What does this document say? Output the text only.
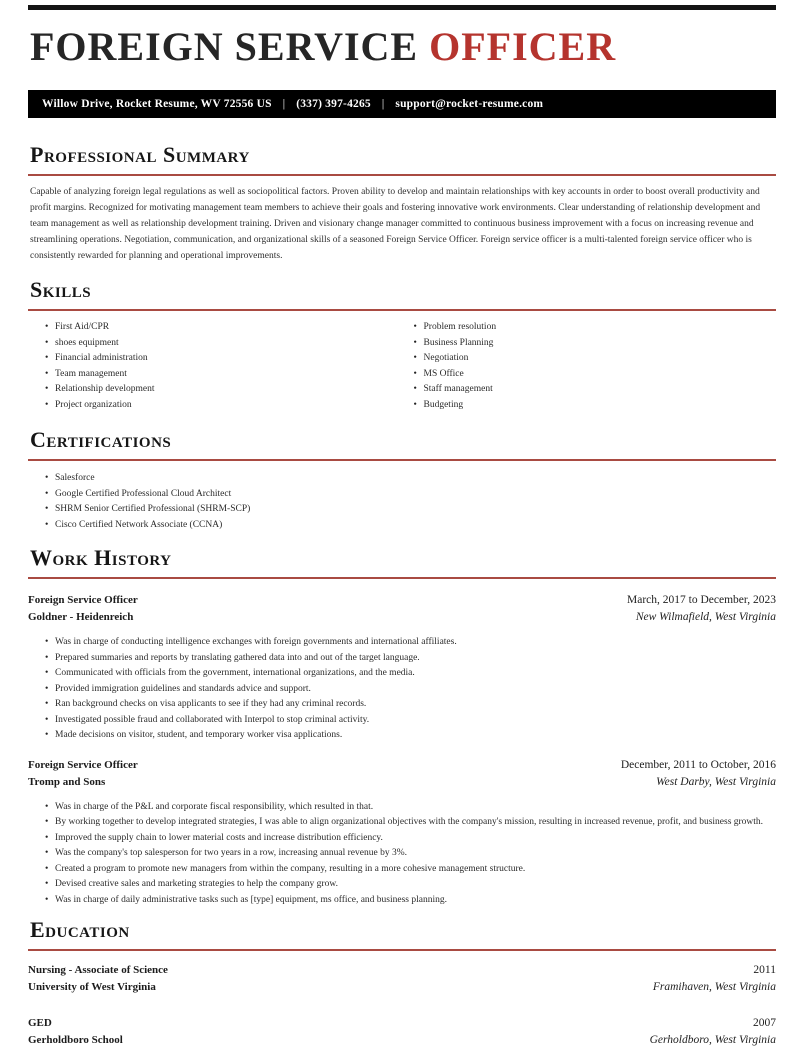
FOREIGN SERVICE OFFICER
Willow Drive, Rocket Resume, WV 72556 US | (337) 397-4265 | support@rocket-resume.com
Professional Summary

Capable of analyzing foreign legal regulations as well as sociopolitical factors. Proven ability to develop and maintain relationships with key accounts in order to boost overall productivity and profit margins. Recognized for motivating management team members to achieve their goals and fostering innovative work environments. Clear understanding of relationship development and team management as well as relationship development training. Driven and visionary change manager committed to continuous business improvement with a focus on increasing revenue and streamlining operations. Negotiation, communication, and organizational skills of a seasoned Foreign Service Officer. Foreign service officer is a multi-talented foreign service officer who is consistently rewarded for planning and operational improvements.

Skills
• First Aid/CPR
• shoes equipment
• Financial administration
• Team management
• Relationship development
• Project organization
• Problem resolution
• Business Planning
• Negotiation
• MS Office
• Staff management
• Budgeting
Certifications
• Salesforce
• Google Certified Professional Cloud Architect
• SHRM Senior Certified Professional (SHRM-SCP)
• Cisco Certified Network Associate (CCNA)
Work History
Foreign Service Officer	March, 2017 to December, 2023
Goldner - Heidenreich	New Wilmafield, West Virginia
• Was in charge of conducting intelligence exchanges with foreign governments and international affiliates.
• Prepared summaries and reports by translating gathered data into and out of the target language.
• Communicated with officials from the government, international organizations, and the media.
• Provided immigration guidelines and standards advice and support.
• Ran background checks on visa applicants to see if they had any criminal records.
• Investigated possible fraud and collaborated with Interpol to stop criminal activity.
• Made decisions on visitor, student, and temporary worker visa applications.
Foreign Service Officer	December, 2011 to October, 2016
Tromp and Sons	West Darby, West Virginia
• Was in charge of the P&L and corporate fiscal responsibility, which resulted in that.
• By working together to develop integrated strategies, I was able to align organizational objectives with the company's mission, resulting in increased revenue, profit, and business growth.
• Improved the supply chain to lower material costs and increase distribution efficiency.
• Was the company's top salesperson for two years in a row, increasing annual revenue by 3%.
• Created a program to promote new managers from within the company, resulting in a more cohesive management structure.
• Devised creative sales and marketing strategies to help the company grow.
• Was in charge of daily administrative tasks such as [type] equipment, ms office, and business planning.
Education
Nursing - Associate of Science	2011
University of West Virginia	Framihaven, West Virginia
GED	2007
Gerholdboro School	Gerholdboro, West Virginia
